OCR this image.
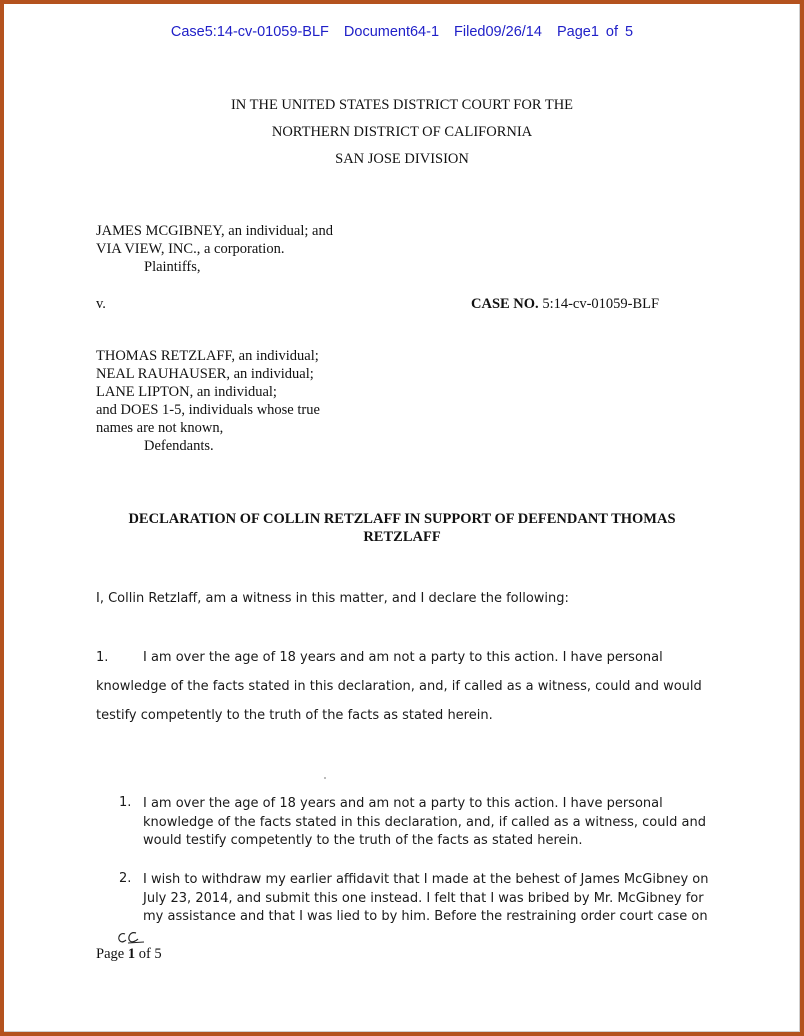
Case5:14-cv-01059-BLF Document64-1 Filed09/26/14 Page1 of 5
IN THE UNITED STATES DISTRICT COURT FOR THE
NORTHERN DISTRICT OF CALIFORNIA
SAN JOSE DIVISION
JAMES MCGIBNEY, an individual; and
VIA VIEW, INC., a corporation.
Plaintiffs,
v.	CASE NO. 5:14-cv-01059-BLF
THOMAS RETZLAFF, an individual;
NEAL RAUHAUSER, an individual;
LANE LIPTON, an individual;
and DOES 1-5, individuals whose true
names are not known,
Defendants.
DECLARATION OF COLLIN RETZLAFF IN SUPPORT OF DEFENDANT THOMAS
RETZLAFF
I, Collin Retzlaff, am a witness in this matter, and I declare the following:
1.	I am over the age of 18 years and am not a party to this action. I have personal
knowledge of the facts stated in this declaration, and, if called as a witness, could and would
testify competently to the truth of the facts as stated herein.
1. I am over the age of 18 years and am not a party to this action. I have personal
knowledge of the facts stated in this declaration, and, if called as a witness, could and
would testify competently to the truth of the facts as stated herein.
2. I wish to withdraw my earlier affidavit that I made at the behest of James McGibney on
July 23, 2014, and submit this one instead. I felt that I was bribed by Mr. McGibney for
my assistance and that I was lied to by him. Before the restraining order court case on
Page 1 of 5
